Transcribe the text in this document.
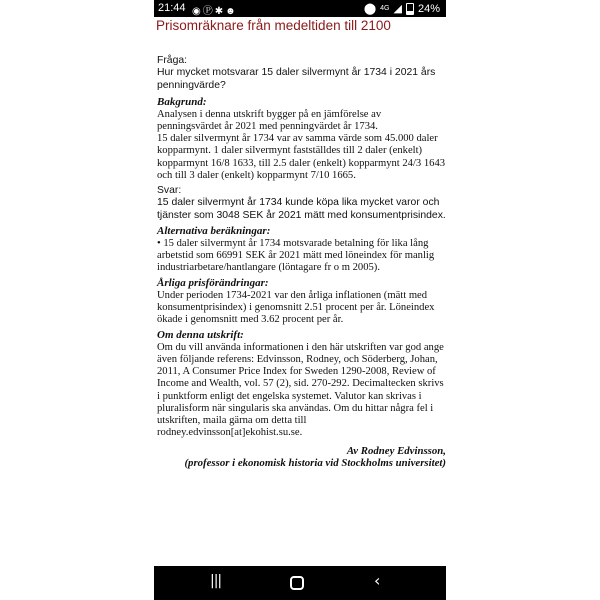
21:44 ◉Ⓟ✱☻	⬤ 4G ◢ 24%
Prisomräknare från medeltiden till 2100
Fråga:
Hur mycket motsvarar 15 daler silvermynt år 1734 i 2021 års penningvärde?
Bakgrund:
Analysen i denna utskrift bygger på en jämförelse av penningsvärdet år 2021 med penningvärdet år 1734.
15 daler silvermynt år 1734 var av samma värde som 45.000 daler kopparmynt. 1 daler silvermynt fastställdes till 2 daler (enkelt) kopparmynt 16/8 1633, till 2.5 daler (enkelt) kopparmynt 24/3 1643 och till 3 daler (enkelt) kopparmynt 7/10 1665.
Svar:
15 daler silvermynt år 1734 kunde köpa lika mycket varor och tjänster som 3048 SEK år 2021 mätt med konsumentprisindex.
Alternativa beräkningar:
• 15 daler silvermynt år 1734 motsvarade betalning för lika lång arbetstid som 66991 SEK år 2021 mätt med löneindex för manlig industriarbetare/hantlangare (löntagare fr o m 2005).
Årliga prisförändringar:
Under perioden 1734-2021 var den årliga inflationen (mätt med konsumentprisindex) i genomsnitt 2.51 procent per år. Löneindex ökade i genomsnitt med 3.62 procent per år.
Om denna utskrift:
Om du vill använda informationen i den här utskriften var god ange även följande referens: Edvinsson, Rodney, och Söderberg, Johan, 2011, A Consumer Price Index for Sweden 1290-2008, Review of Income and Wealth, vol. 57 (2), sid. 270-292. Decimaltecken skrivs i punktform enligt det engelska systemet. Valutor kan skrivas i pluralisform när singularis ska användas. Om du hittar några fel i utskriften, maila gärna om detta till rodney.edvinsson[at]ekohist.su.se.
Av Rodney Edvinsson,
(professor i ekonomisk historia vid Stockholms universitet)
|||	‹
